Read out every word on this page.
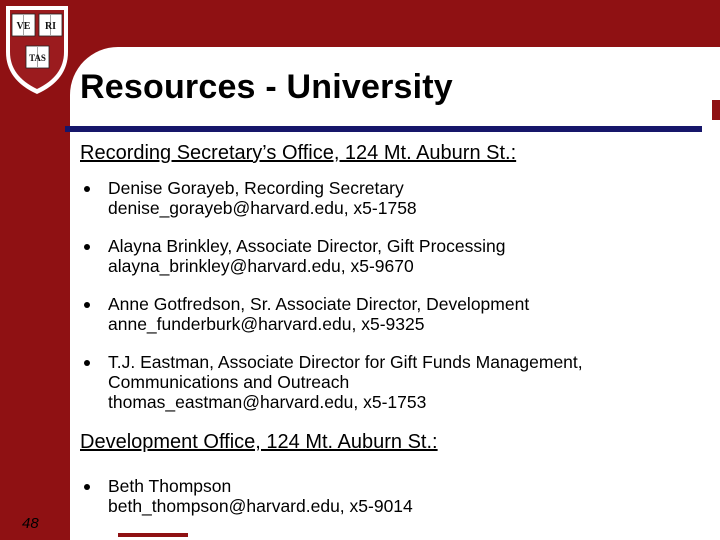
VE RI
TAS
Resources - University

Recording Secretary’s Office, 124 Mt. Auburn St.:

Denise Gorayeb, Recording Secretary
denise_gorayeb@harvard.edu, x5-1758
Alayna Brinkley, Associate Director, Gift Processing
alayna_brinkley@harvard.edu, x5-9670
Anne Gotfredson, Sr. Associate Director, Development
anne_funderburk@harvard.edu, x5-9325
T.J. Eastman, Associate Director for Gift Funds Management,
Communications and Outreach
thomas_eastman@harvard.edu, x5-1753

Development Office, 124 Mt. Auburn St.:

Beth Thompson
beth_thompson@harvard.edu, x5-9014
48
